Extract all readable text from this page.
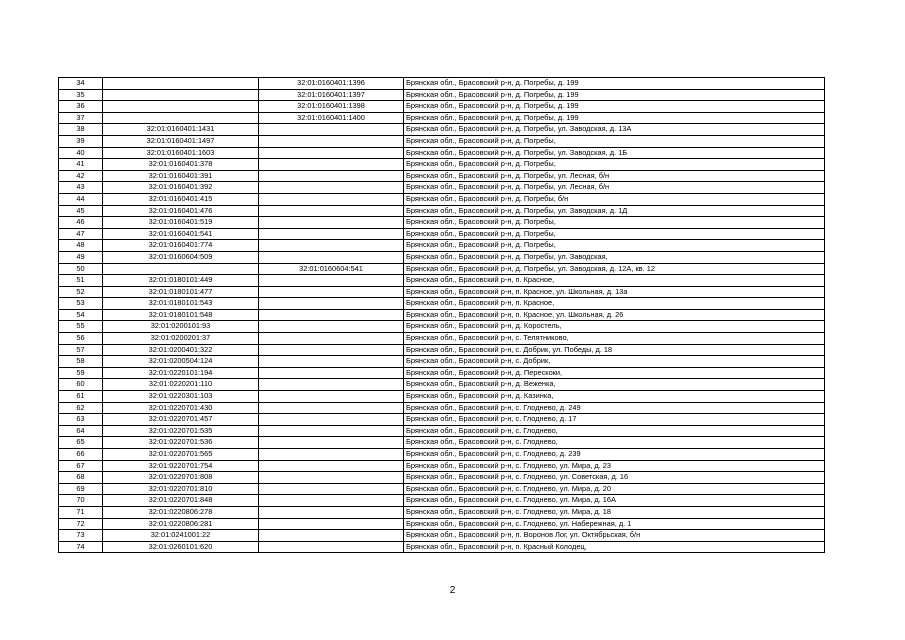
34		32:01:0160401:1396	Брянская обл., Брасовский р-н, д. Погребы, д. 199
35		32:01:0160401:1397	Брянская обл., Брасовский р-н, д. Погребы, д. 199
36		32:01:0160401:1398	Брянская обл., Брасовский р-н, д. Погребы, д. 199
37		32:01:0160401:1400	Брянская обл., Брасовский р-н, д. Погребы, д. 199
38	32:01:0160401:1431		Брянская обл., Брасовский р-н, д. Погребы, ул. Заводская, д. 13А
39	32:01:0160401:1497		Брянская обл., Брасовский р-н, д. Погребы,
40	32:01:0160401:1603		Брянская обл., Брасовский р-н, д. Погребы, ул. Заводская, д. 1Б
41	32:01:0160401:378		Брянская обл., Брасовский р-н, д. Погребы,
42	32:01:0160401:391		Брянская обл., Брасовский р-н, д. Погребы, ул. Лесная, б/н
43	32:01:0160401:392		Брянская обл., Брасовский р-н, д. Погребы, ул. Лесная, б/н
44	32:01:0160401:415		Брянская обл., Брасовский р-н, д. Погребы, б/н
45	32:01:0160401:476		Брянская обл., Брасовский р-н, д. Погребы, ул. Заводская, д. 1Д
46	32:01:0160401:519		Брянская обл., Брасовский р-н, д. Погребы,
47	32:01:0160401:541		Брянская обл., Брасовский р-н, д. Погребы,
48	32:01:0160401:774		Брянская обл., Брасовский р-н, д. Погребы,
49	32:01:0160604:509		Брянская обл., Брасовский р-н, д. Погребы, ул. Заводская,
50		32:01:0160604:541	Брянская обл., Брасовский р-н, д. Погребы, ул. Заводская, д. 12А, кв. 12
51	32:01:0180101:449		Брянская обл., Брасовский р-н, п. Красное,
52	32:01:0180101:477		Брянская обл., Брасовский р-н, п. Красное, ул. Школьная, д. 13а
53	32:01:0180101:543		Брянская обл., Брасовский р-н, п. Красное,
54	32:01:0180101:548		Брянская обл., Брасовский р-н, п. Красное, ул. Школьная, д. 26
55	32:01:0200101:93		Брянская обл., Брасовский р-н, д. Коростель,
56	32:01:0200201:37		Брянская обл., Брасовский р-н, с. Телятниково,
57	32:01:0200401:322		Брянская обл., Брасовский р-н, с. Добрик, ул. Победы, д. 18
58	32:01:0200504:124		Брянская обл., Брасовский р-н, с. Добрик,
59	32:01:0220101:194		Брянская обл., Брасовский р-н, д. Перескоки,
60	32:01:0220201:110		Брянская обл., Брасовский р-н, д. Веженка,
61	32:01:0220301:103		Брянская обл., Брасовский р-н, д. Казинка,
62	32:01:0220701:430		Брянская обл., Брасовский р-н, с. Глоднево, д. 249
63	32:01:0220701:457		Брянская обл., Брасовский р-н, с. Глоднево, д. 17
64	32:01:0220701:535		Брянская обл., Брасовский р-н, с. Глоднево,
65	32:01:0220701:536		Брянская обл., Брасовский р-н, с. Глоднево,
66	32:01:0220701:565		Брянская обл., Брасовский р-н, с. Глоднево, д. 239
67	32:01:0220701:754		Брянская обл., Брасовский р-н, с. Глоднево, ул. Мира, д. 23
68	32:01:0220701:808		Брянская обл., Брасовский р-н, с. Глоднево, ул. Советская, д. 16
69	32:01:0220701:810		Брянская обл., Брасовский р-н, с. Глоднево, ул. Мира, д. 20
70	32:01:0220701:848		Брянская обл., Брасовский р-н, с. Глоднево, ул. Мира, д. 16А
71	32:01:0220806:278		Брянская обл., Брасовский р-н, с. Глоднево, ул. Мира, д. 18
72	32:01:0220806:281		Брянская обл., Брасовский р-н, с. Глоднево, ул. Набережная, д. 1
73	32:01:0241001:22		Брянская обл., Брасовский р-н, п. Воронов Лог, ул. Октябрьская, б/н
74	32:01:0260101:620		Брянская обл., Брасовский р-н, п. Красный Колодец,
2
